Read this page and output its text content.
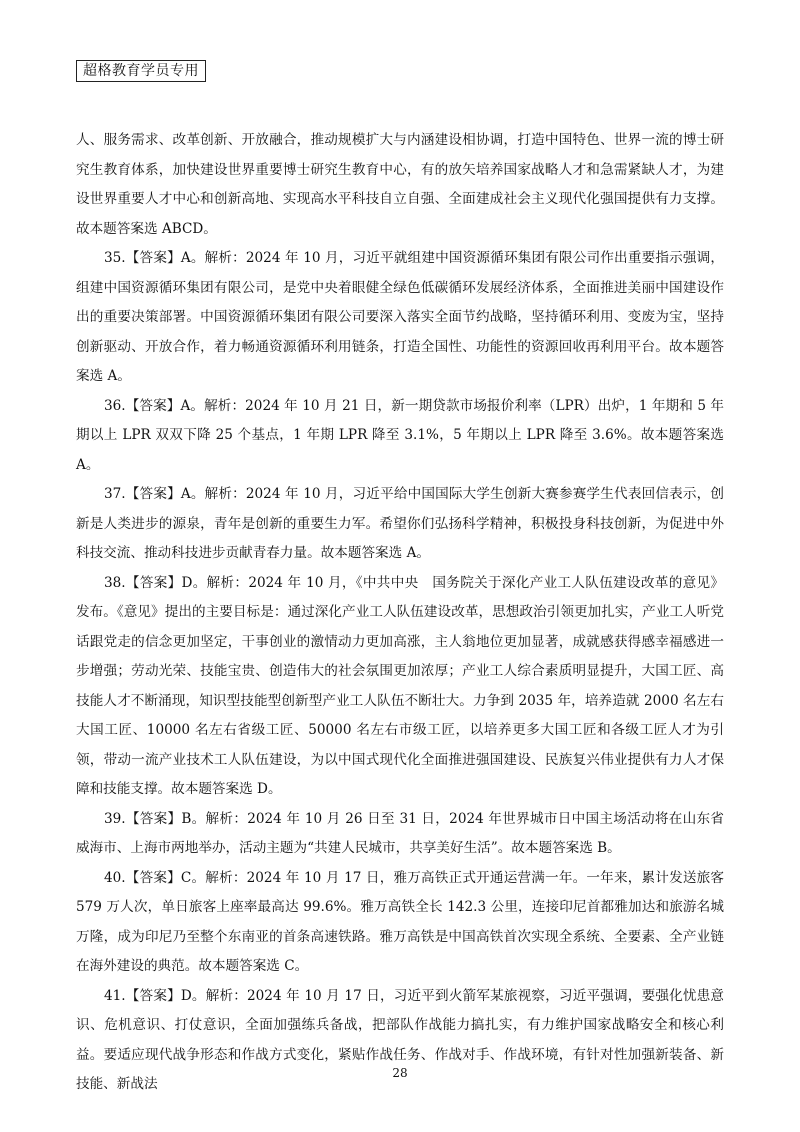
超格教育学员专用

人、服务需求、改革创新、开放融合，推动规模扩大与内涵建设相协调，打造中国特色、世界一流的博士研究生教育体系，加快建设世界重要博士研究生教育中心，有的放矢培养国家战略人才和急需紧缺人才，为建设世界重要人才中心和创新高地、实现高水平科技自立自强、全面建成社会主义现代化强国提供有力支撑。故本题答案选 ABCD。

35.【答案】A。解析：2024 年 10 月，习近平就组建中国资源循环集团有限公司作出重要指示强调，组建中国资源循环集团有限公司，是党中央着眼健全绿色低碳循环发展经济体系，全面推进美丽中国建设作出的重要决策部署。中国资源循环集团有限公司要深入落实全面节约战略，坚持循环利用、变废为宝，坚持创新驱动、开放合作，着力畅通资源循环利用链条，打造全国性、功能性的资源回收再利用平台。故本题答案选 A。

36.【答案】A。解析：2024 年 10 月 21 日，新一期贷款市场报价利率（LPR）出炉，1 年期和 5 年期以上 LPR 双双下降 25 个基点，1 年期 LPR 降至 3.1%，5 年期以上 LPR 降至 3.6%。故本题答案选 A。

37.【答案】A。解析：2024 年 10 月，习近平给中国国际大学生创新大赛参赛学生代表回信表示，创新是人类进步的源泉，青年是创新的重要生力军。希望你们弘扬科学精神，积极投身科技创新，为促进中外科技交流、推动科技进步贡献青春力量。故本题答案选 A。

38.【答案】D。解析：2024 年 10 月，《中共中央　国务院关于深化产业工人队伍建设改革的意见》发布。《意见》提出的主要目标是：通过深化产业工人队伍建设改革，思想政治引领更加扎实，产业工人听党话跟党走的信念更加坚定，干事创业的激情动力更加高涨，主人翁地位更加显著，成就感获得感幸福感进一步增强；劳动光荣、技能宝贵、创造伟大的社会氛围更加浓厚；产业工人综合素质明显提升，大国工匠、高技能人才不断涌现，知识型技能型创新型产业工人队伍不断壮大。力争到 2035 年，培养造就 2000 名左右大国工匠、10000 名左右省级工匠、50000 名左右市级工匠，以培养更多大国工匠和各级工匠人才为引领，带动一流产业技术工人队伍建设，为以中国式现代化全面推进强国建设、民族复兴伟业提供有力人才保障和技能支撑。故本题答案选 D。

39.【答案】B。解析：2024 年 10 月 26 日至 31 日，2024 年世界城市日中国主场活动将在山东省威海市、上海市两地举办，活动主题为“共建人民城市，共享美好生活”。故本题答案选 B。

40.【答案】C。解析：2024 年 10 月 17 日，雅万高铁正式开通运营满一年。一年来，累计发送旅客 579 万人次，单日旅客上座率最高达 99.6%。雅万高铁全长 142.3 公里，连接印尼首都雅加达和旅游名城万隆，成为印尼乃至整个东南亚的首条高速铁路。雅万高铁是中国高铁首次实现全系统、全要素、全产业链在海外建设的典范。故本题答案选 C。

41.【答案】D。解析：2024 年 10 月 17 日，习近平到火箭军某旅视察，习近平强调，要强化忧患意识、危机意识、打仗意识，全面加强练兵备战，把部队作战能力搞扎实，有力维护国家战略安全和核心利益。要适应现代战争形态和作战方式变化，紧贴作战任务、作战对手、作战环境，有针对性加强新装备、新技能、新战法

28
